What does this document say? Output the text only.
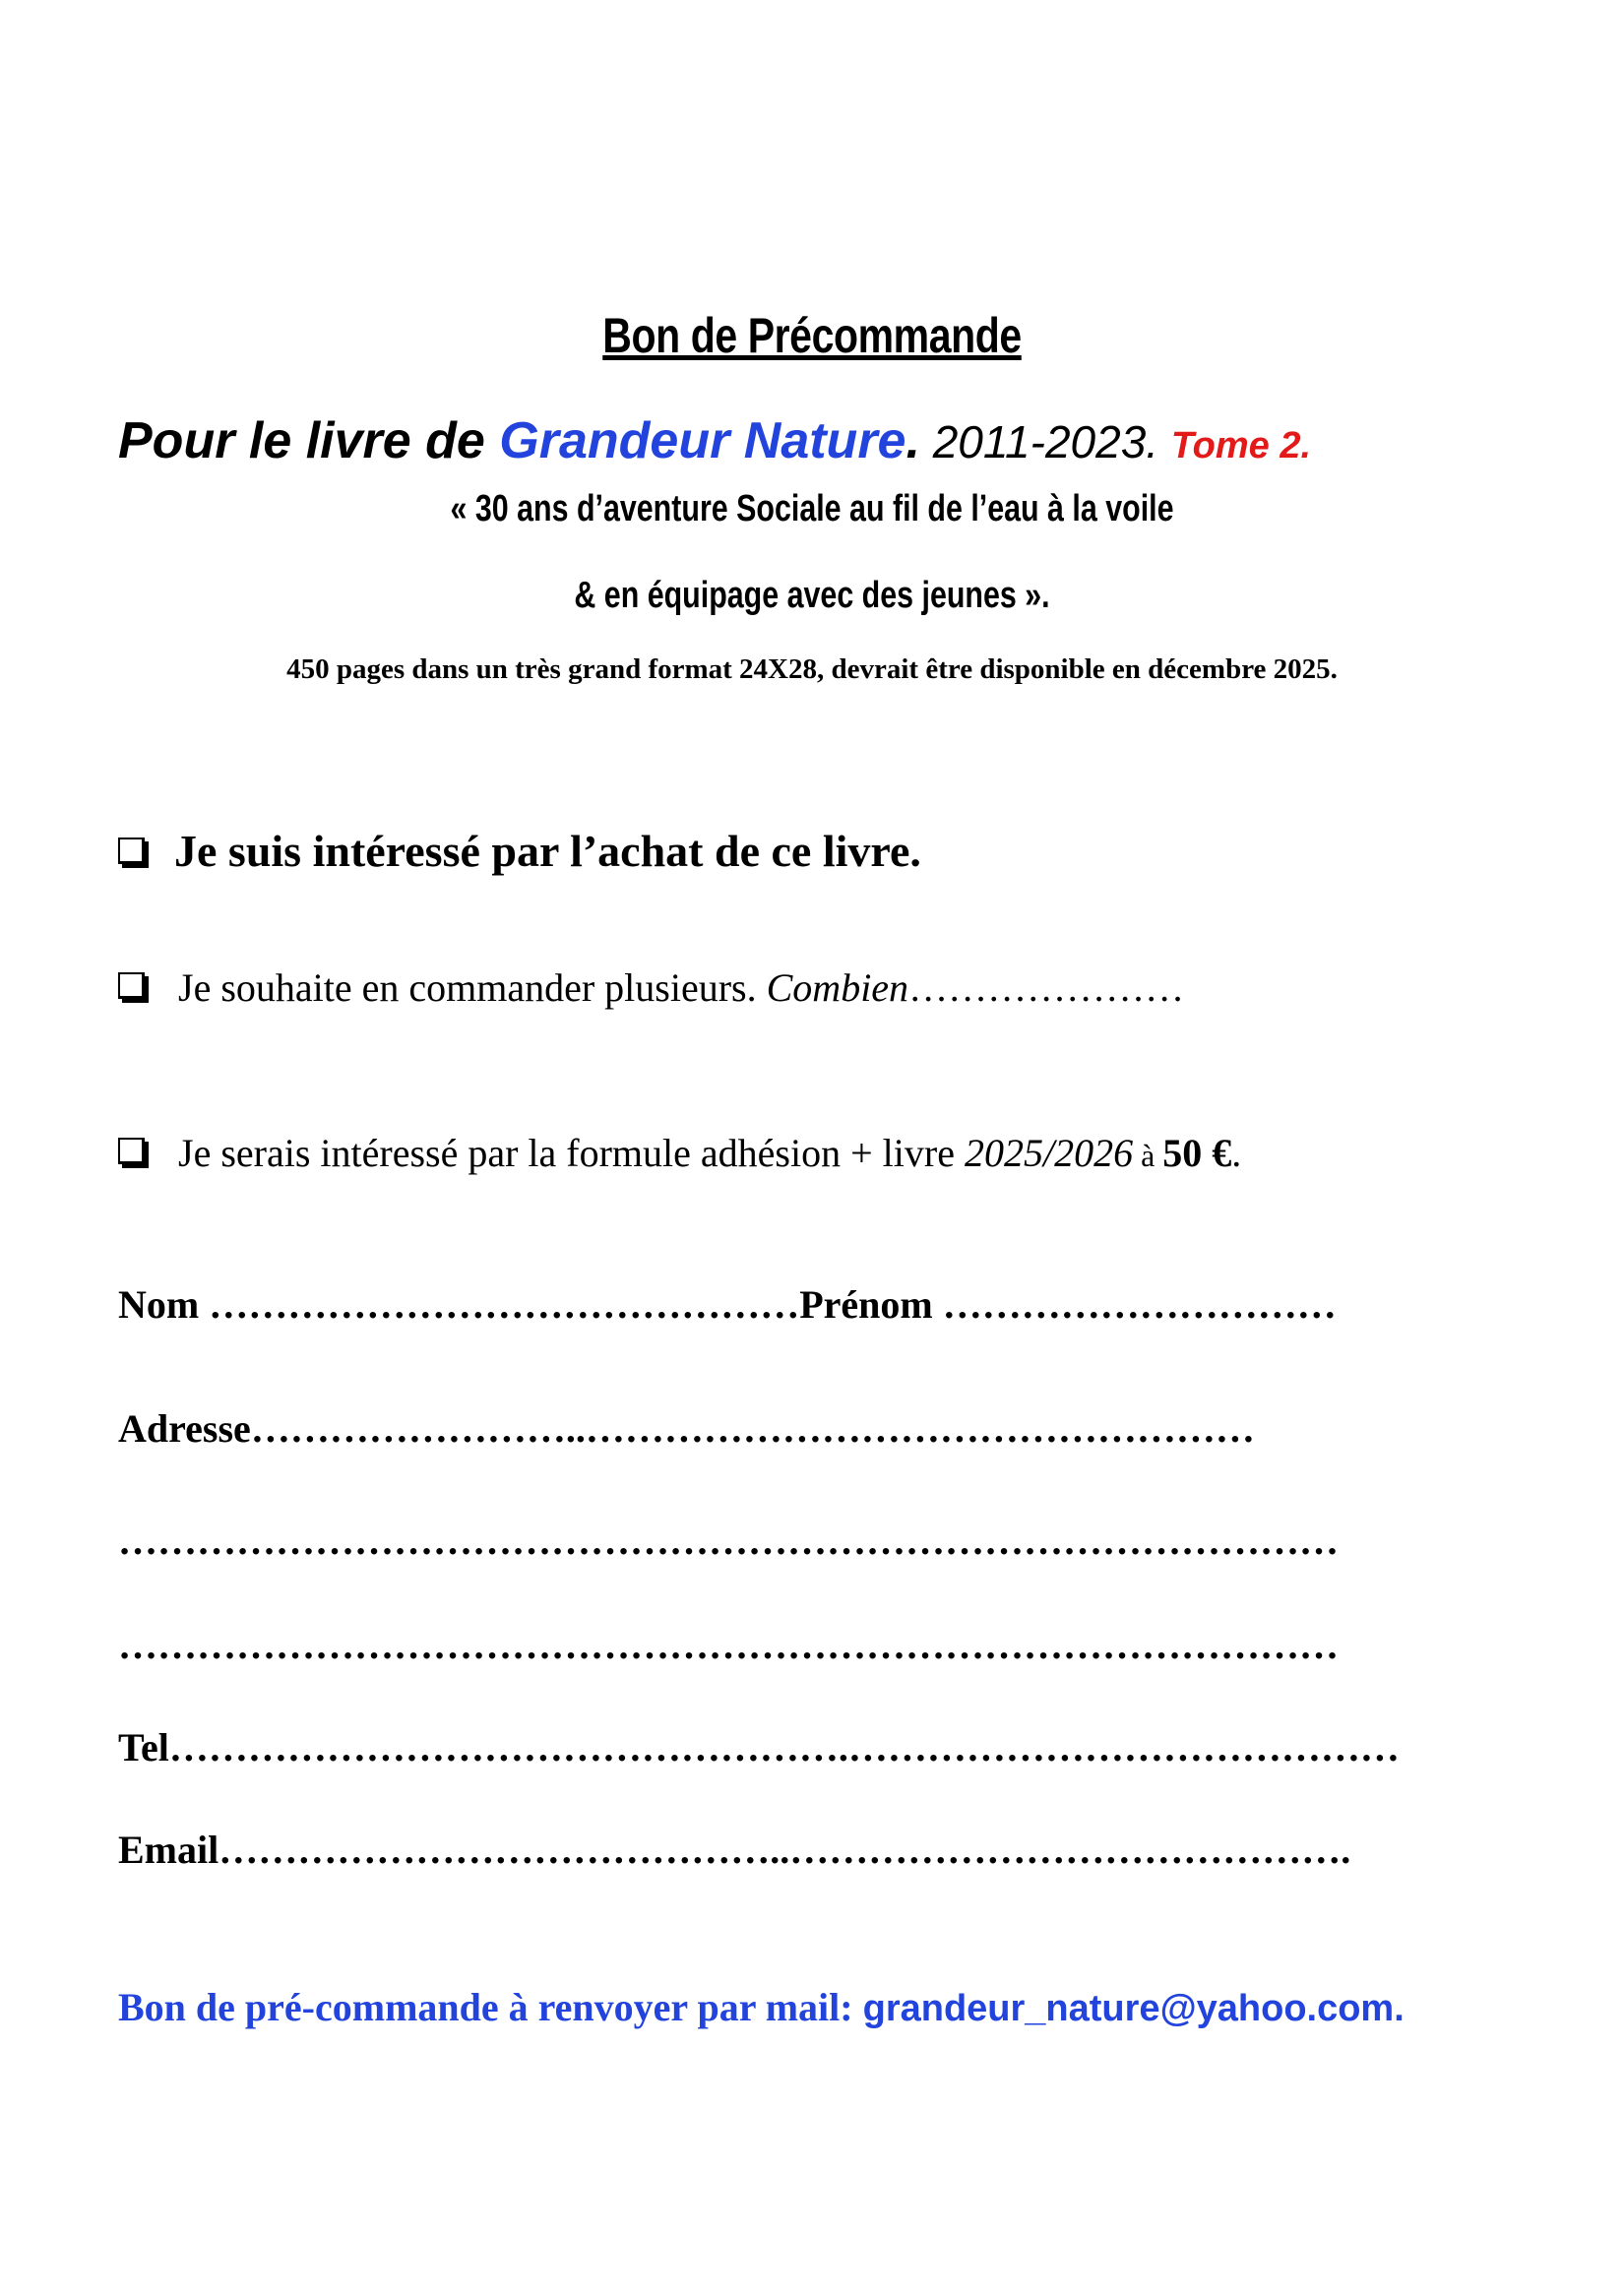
Bon de Précommande
Pour le livre de Grandeur Nature. 2011-2023. Tome 2.
« 30 ans d’aventure Sociale au fil de l’eau à la voile
& en équipage avec des jeunes ».
450 pages dans un très grand format 24X28, devrait être disponible en décembre 2025.
Je suis intéressé par l’achat de ce livre.
Je souhaite en commander plusieurs. Combien…………………
Je serais intéressé par la formule adhésion + livre 2025/2026 à 50 €.
Nom ………………………………………Prénom …………………………
Adresse……………………..……………………………………………
…………………………………………………………………………………
…………………………………………………………………………………
Tel…………………………………………….……………………………………
Email……………………………………..…………………………………….
Bon de pré-commande à renvoyer par mail: grandeur_nature@yahoo.com.
